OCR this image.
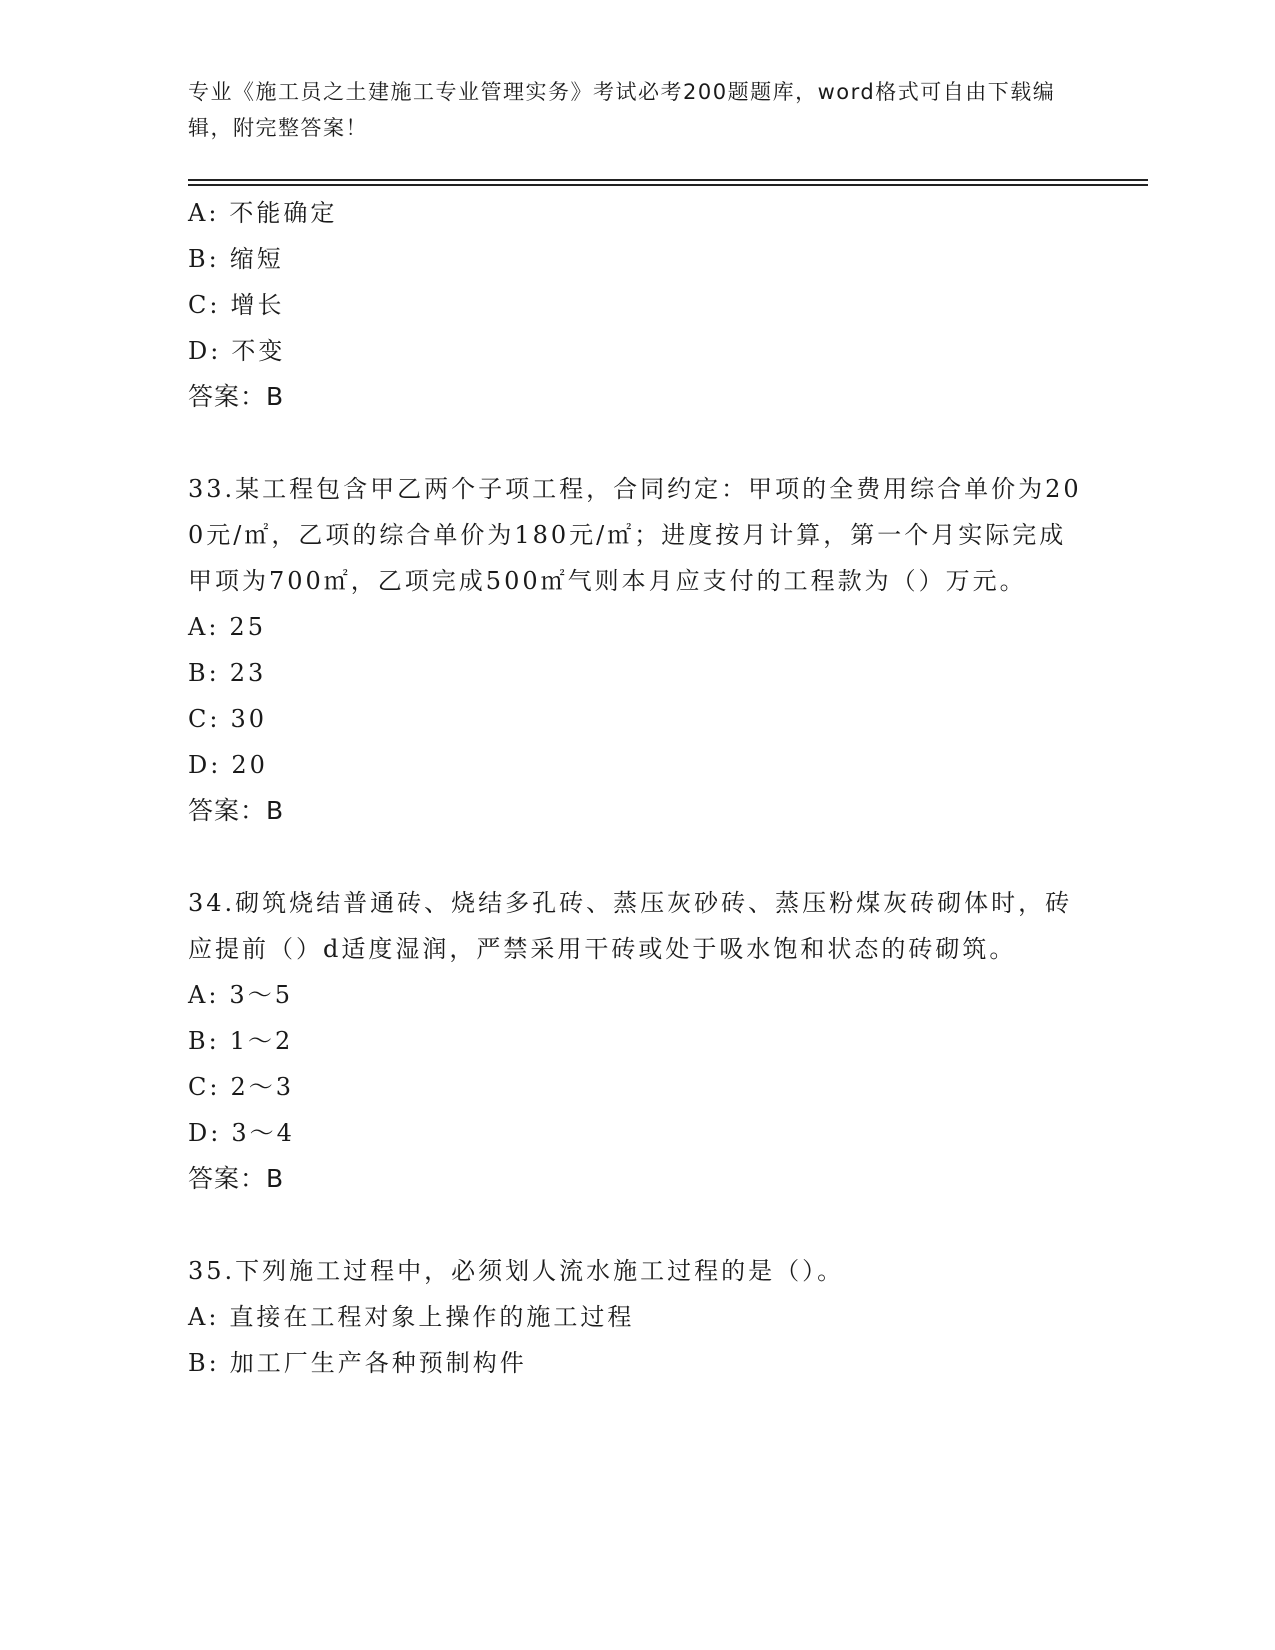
专业《施工员之土建施工专业管理实务》考试必考200题题库，word格式可自由下载编辑，附完整答案！
A: 不能确定
B: 缩短
C: 增长
D: 不变
答案：B
33.某工程包含甲乙两个子项工程，合同约定：甲项的全费用综合单价为200元/㎡，乙项的综合单价为180元/㎡；进度按月计算，第一个月实际完成甲项为700㎡，乙项完成500㎡气则本月应支付的工程款为（）万元。
A: 25
B: 23
C: 30
D: 20
答案：B
34.砌筑烧结普通砖、烧结多孔砖、蒸压灰砂砖、蒸压粉煤灰砖砌体时，砖应提前（）d适度湿润，严禁采用干砖或处于吸水饱和状态的砖砌筑。
A: 3～5
B: 1～2
C: 2～3
D: 3～4
答案：B
35.下列施工过程中，必须划人流水施工过程的是（）。
A: 直接在工程对象上操作的施工过程
B: 加工厂生产各种预制构件
